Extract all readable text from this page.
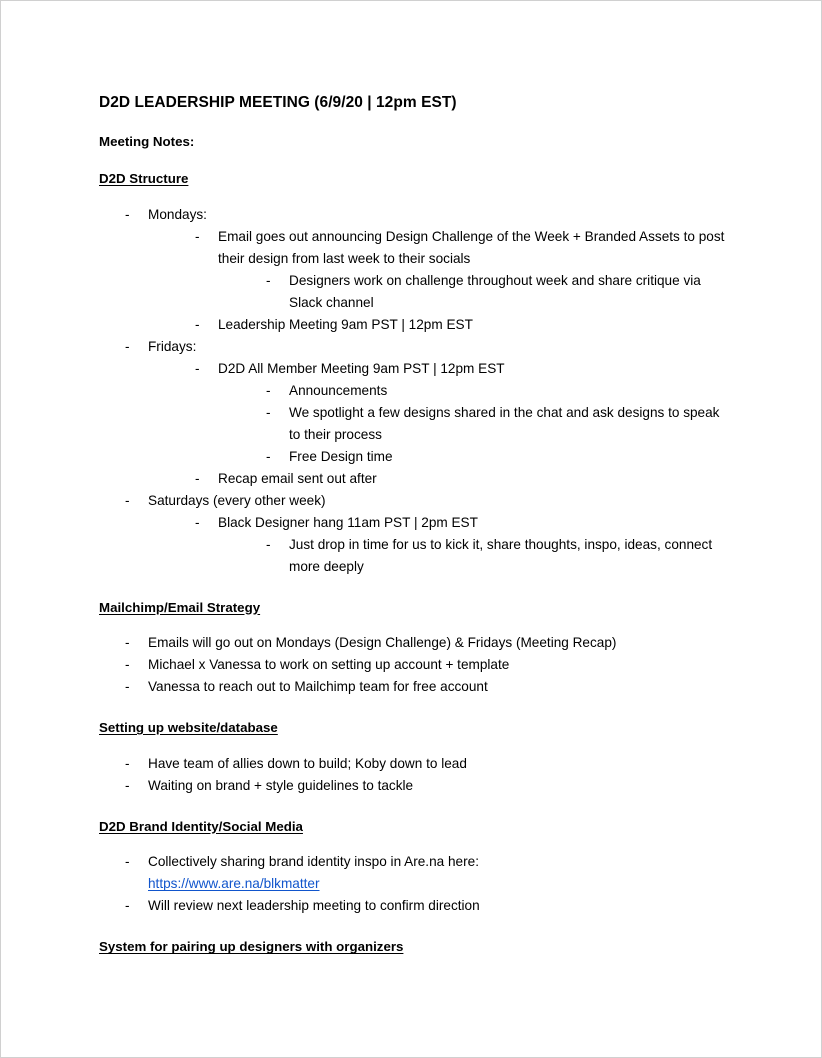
D2D LEADERSHIP MEETING (6/9/20 | 12pm EST)
Meeting Notes:
D2D Structure
-	Mondays:
-	Email goes out announcing Design Challenge of the Week + Branded Assets to post their design from last week to their socials
-	Designers work on challenge throughout week and share critique via Slack channel
-	Leadership Meeting 9am PST | 12pm EST
-	Fridays:
-	D2D All Member Meeting 9am PST | 12pm EST
-	Announcements
-	We spotlight a few designs shared in the chat and ask designs to speak to their process
-	Free Design time
-	Recap email sent out after
-	Saturdays (every other week)
-	Black Designer hang 11am PST | 2pm EST
-	Just drop in time for us to kick it, share thoughts, inspo, ideas, connect more deeply
Mailchimp/Email Strategy
-	Emails will go out on Mondays (Design Challenge) & Fridays (Meeting Recap)
-	Michael x Vanessa to work on setting up account + template
-	Vanessa to reach out to Mailchimp team for free account
Setting up website/database
-	Have team of allies down to build; Koby down to lead
-	Waiting on brand + style guidelines to tackle
D2D Brand Identity/Social Media
-	Collectively sharing brand identity inspo in Are.na here:
https://www.are.na/blkmatter
-	Will review next leadership meeting to confirm direction
System for pairing up designers with organizers
